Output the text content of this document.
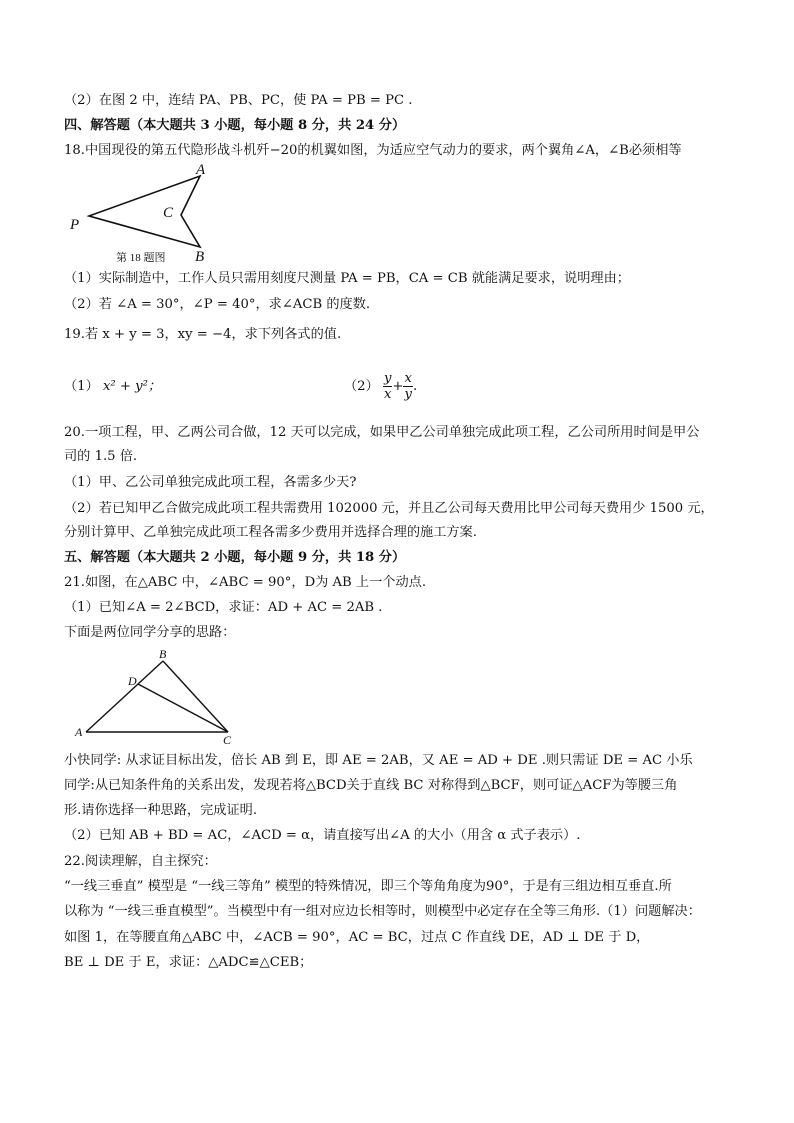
（2）在图 2 中，连结 PA、PB、PC，使 PA = PB = PC .
四、解答题（本大题共 3 小题，每小题 8 分，共 24 分）
18.中国现役的第五代隐形战斗机歼−20的机翼如图，为适应空气动力的要求，两个翼角∠A，∠B必须相等
A
C
P
B
第 18 题图
（1）实际制造中，工作人员只需用刻度尺测量 PA = PB，CA = CB 就能满足要求，说明理由；
（2）若 ∠A = 30°，∠P = 40°，求∠ACB 的度数.
19.若 x + y = 3，xy = −4，求下列各式的值.
（1） x² + y²；	$(2) \frac{y}{x} + \frac{x}{y}$ .
20.一项工程，甲、乙两公司合做，12 天可以完成，如果甲乙公司单独完成此项工程，乙公司所用时间是甲公
司的 1.5 倍.
（1）甲、乙公司单独完成此项工程，各需多少天?
（2）若已知甲乙合做完成此项工程共需费用 102000 元，并且乙公司每天费用比甲公司每天费用少 1500 元，
分别计算甲、乙单独完成此项工程各需多少费用并选择合理的施工方案.
五、解答题（本大题共 2 小题，每小题 9 分，共 18 分）
21.如图，在△ABC 中，∠ABC = 90°，D为 AB 上一个动点.
（1）已知∠A = 2∠BCD，求证：AD + AC = 2AB .
下面是两位同学分享的思路：
B
D
A
C
小快同学: 从求证目标出发，倍长 AB 到 E，即 AE = 2AB，又 AE = AD + DE .则只需证 DE = AC 小乐
同学:从已知条件角的关系出发，发现若将△BCD关于直线 BC 对称得到△BCF，则可证△ACF为等腰三角
形.请你选择一种思路，完成证明.
（2）已知 AB + BD = AC，∠ACD = α，请直接写出∠A 的大小（用含 α 式子表示）.
22.阅读理解，自主探究：
“一线三垂直” 模型是 “一线三等角” 模型的特殊情况，即三个等角角度为90°，于是有三组边相互垂直.所
以称为 “一线三垂直模型”。当模型中有一组对应边长相等时，则模型中必定存在全等三角形.（1）问题解决：
如图 1，在等腰直角△ABC 中，∠ACB = 90°，AC = BC，过点 C 作直线 DE，AD ⊥ DE 于 D，
BE ⊥ DE 于 E，求证：△ADC≌△CEB；
